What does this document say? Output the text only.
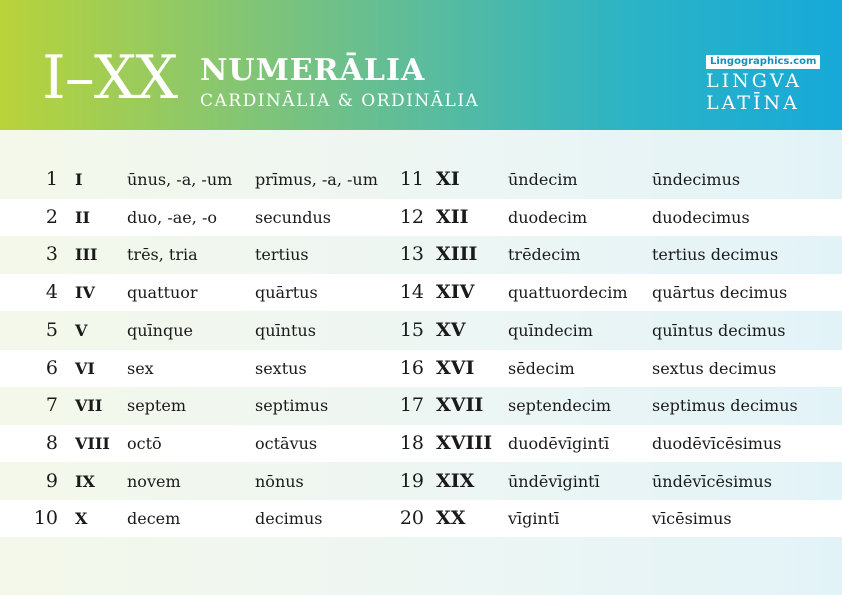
I–XX NUMERĀLIA
CARDINĀLIA & ORDINĀLIA
Lingographics.com
LINGVA LATĪNA
1 I	ūnus, -a, -um	prīmus, -a, -um	11 XI	ūndecim	ūndecimus
2 II	duo, -ae, -o	secundus	12 XII	duodecim	duodecimus
3 III	trēs, tria	tertius	13 XIII	trēdecim	tertius decimus
4 IV	quattuor	quārtus	14 XIV	quattuordecim	quārtus decimus
5 V	quīnque	quīntus	15 XV	quīndecim	quīntus decimus
6 VI	sex	sextus	16 XVI	sēdecim	sextus decimus
7 VII	septem	septimus	17 XVII	septendecim	septimus decimus
8 VIII	octō	octāvus	18 XVIII duodēvīgintī	duodēvīcēsimus
9 IX	novem	nōnus	19 XIX	ūndēvīgintī	ūndēvīcēsimus
10 X	decem	decimus	20 XX	vīgintī	vīcēsimus
